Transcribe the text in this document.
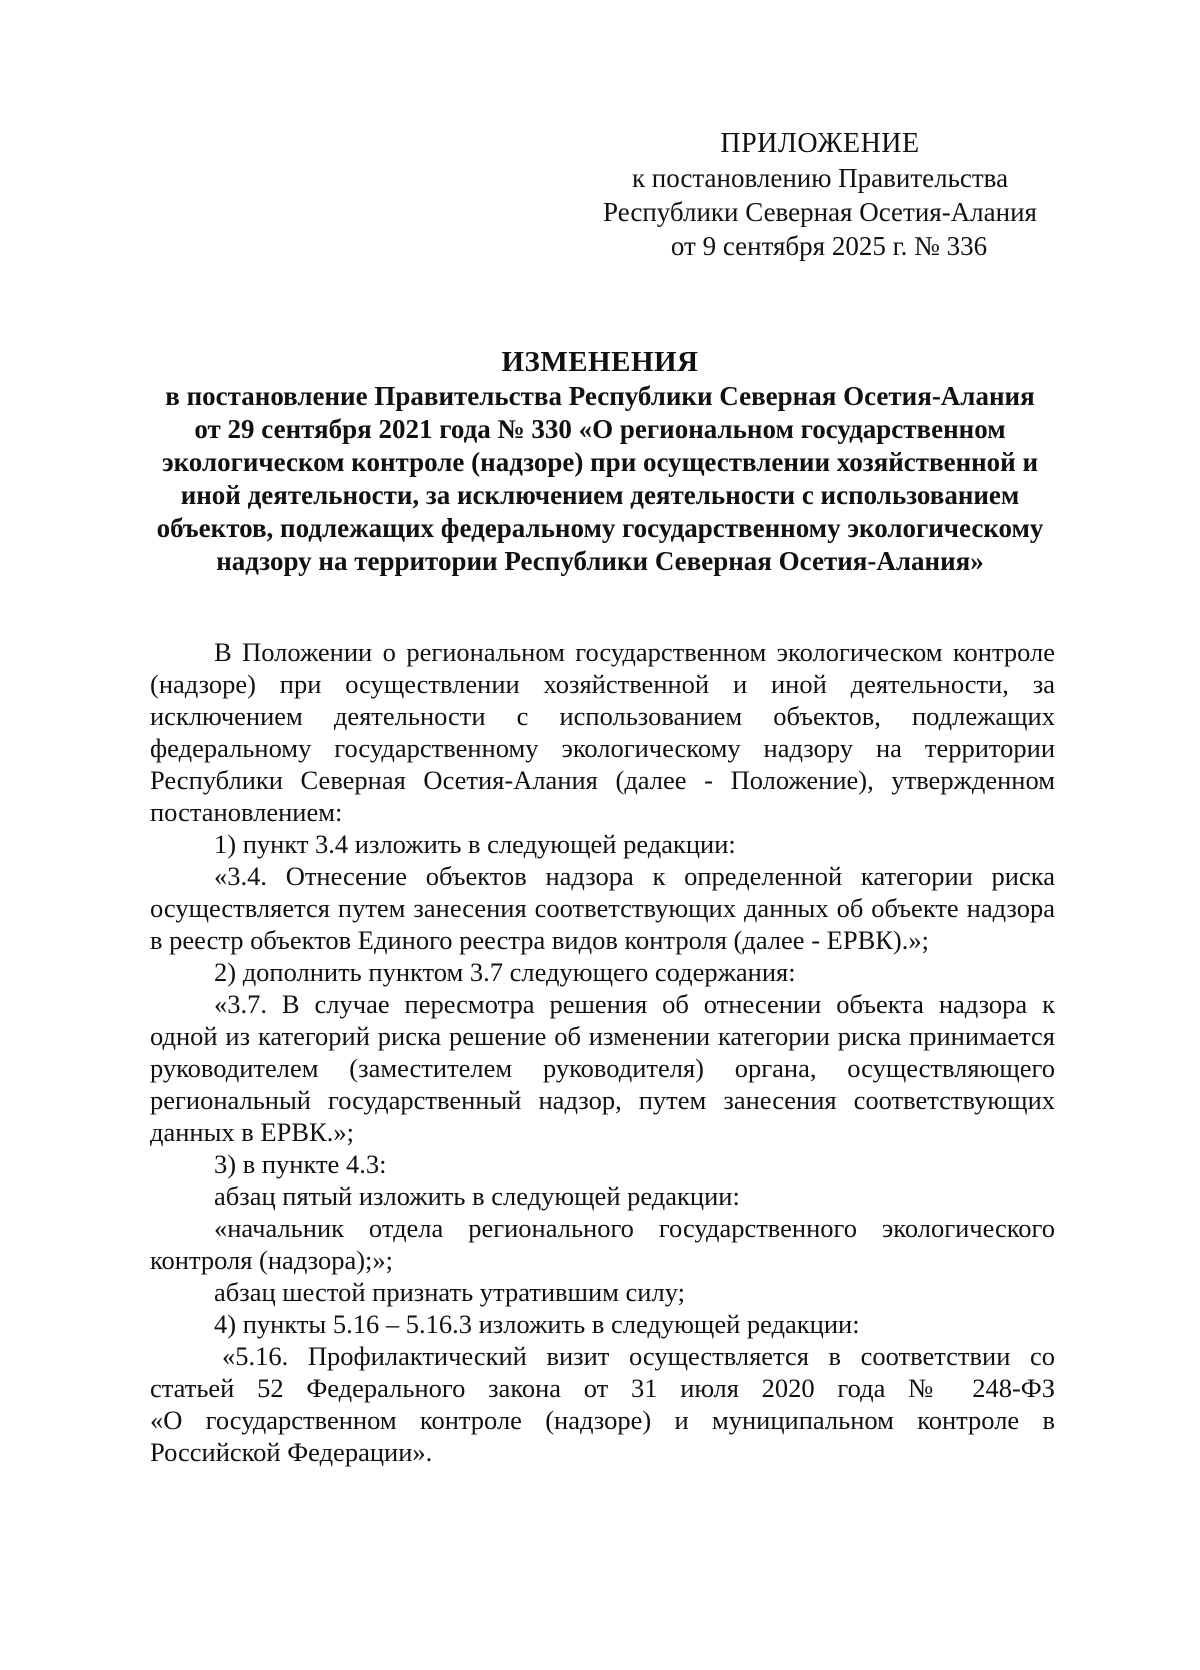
ПРИЛОЖЕНИЕ
к постановлению Правительства
Республики Северная Осетия-Алания
от 9 сентября 2025 г. № 336
ИЗМЕНЕНИЯ
в постановление Правительства Республики Северная Осетия-Алания
от 29 сентября 2021 года № 330 «О региональном государственном
экологическом контроле (надзоре) при осуществлении хозяйственной и
иной деятельности, за исключением деятельности с использованием
объектов, подлежащих федеральному государственному экологическому
надзору на территории Республики Северная Осетия-Алания»

В Положении о региональном государственном экологическом контроле

(надзоре) при осуществлении хозяйственной и иной деятельности, за

исключением деятельности с использованием объектов, подлежащих

федеральному государственному экологическому надзору на территории

Республики Северная Осетия-Алания (далее - Положение), утвержденном

постановлением:

1) пункт 3.4 изложить в следующей редакции:

«3.4. Отнесение объектов надзора к определенной категории риска

осуществляется путем занесения соответствующих данных об объекте надзора

в реестр объектов Единого реестра видов контроля (далее - ЕРВК).»;

2) дополнить пунктом 3.7 следующего содержания:

«3.7. В случае пересмотра решения об отнесении объекта надзора к

одной из категорий риска решение об изменении категории риска принимается

руководителем (заместителем руководителя) органа, осуществляющего

региональный государственный надзор, путем занесения соответствующих

данных в ЕРВК.»;

3) в пункте 4.3:

абзац пятый изложить в следующей редакции:

«начальник отдела регионального государственного экологического

контроля (надзора);»;

абзац шестой признать утратившим силу;

4) пункты 5.16 – 5.16.3 изложить в следующей редакции:

«5.16. Профилактический визит осуществляется в соответствии со

статьей 52 Федерального закона от 31 июля 2020 года № 248-ФЗ

«О государственном контроле (надзоре) и муниципальном контроле в

Российской Федерации».
